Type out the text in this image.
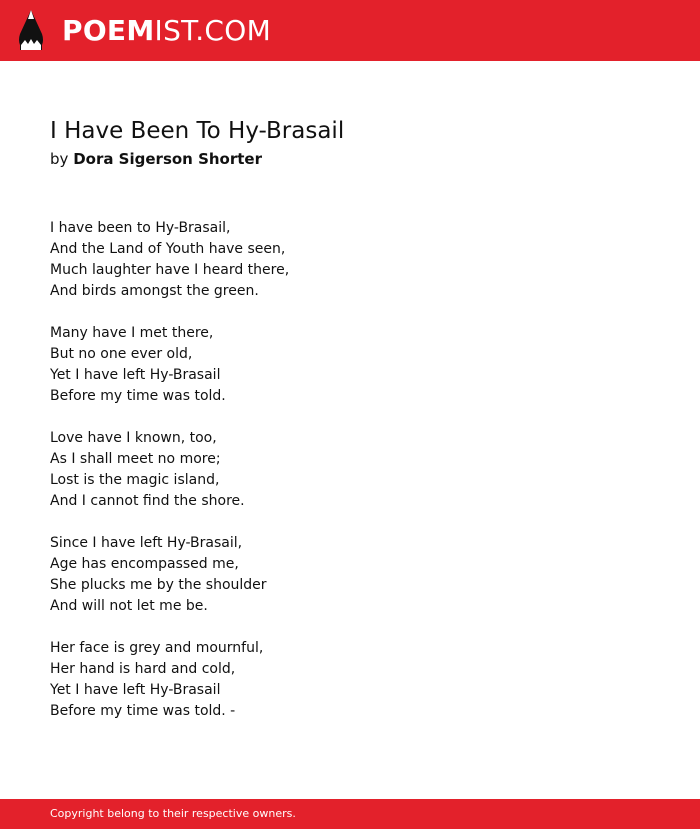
POEMIST.COM
I Have Been To Hy-Brasail
by Dora Sigerson Shorter

I have been to Hy-Brasail,
And the Land of Youth have seen,
Much laughter have I heard there,
And birds amongst the green.

Many have I met there,
But no one ever old,
Yet I have left Hy-Brasail
Before my time was told.

Love have I known, too,
As I shall meet no more;
Lost is the magic island,
And I cannot find the shore.

Since I have left Hy-Brasail,
Age has encompassed me,
She plucks me by the shoulder
And will not let me be.

Her face is grey and mournful,
Her hand is hard and cold,
Yet I have left Hy-Brasail
Before my time was told. -

Copyright belong to their respective owners.
